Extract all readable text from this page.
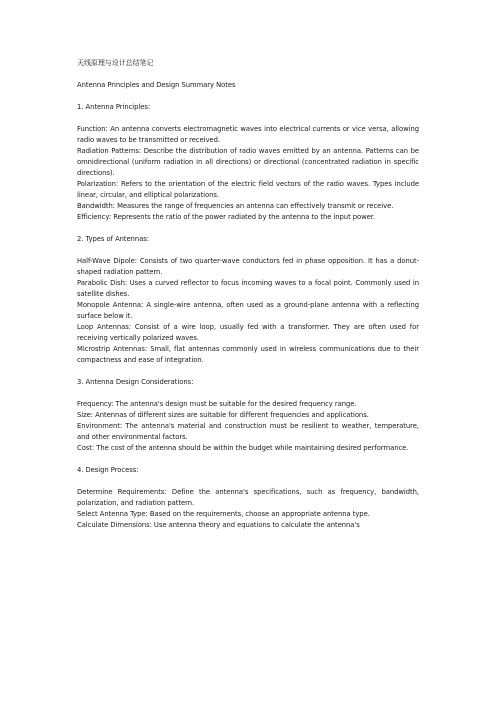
天线原理与设计总结笔记
Antenna Principles and Design Summary Notes
1. Antenna Principles:

Function: An antenna converts electromagnetic waves into electrical currents or vice versa, allowing radio waves to be transmitted or received.

Radiation Patterns: Describe the distribution of radio waves emitted by an antenna. Patterns can be omnidirectional (uniform radiation in all directions) or directional (concentrated radiation in specific directions).

Polarization: Refers to the orientation of the electric field vectors of the radio waves. Types include linear, circular, and elliptical polarizations.

Bandwidth: Measures the range of frequencies an antenna can effectively transmit or receive.

Efficiency: Represents the ratio of the power radiated by the antenna to the input power.

2. Types of Antennas:

Half-Wave Dipole: Consists of two quarter-wave conductors fed in phase opposition. It has a donut-shaped radiation pattern.

Parabolic Dish: Uses a curved reflector to focus incoming waves to a focal point. Commonly used in satellite dishes.

Monopole Antenna: A single-wire antenna, often used as a ground-plane antenna with a reflecting surface below it.

Loop Antennas: Consist of a wire loop, usually fed with a transformer. They are often used for receiving vertically polarized waves.

Microstrip Antennas: Small, flat antennas commonly used in wireless communications due to their compactness and ease of integration.

3. Antenna Design Considerations:

Frequency: The antenna's design must be suitable for the desired frequency range.

Size: Antennas of different sizes are suitable for different frequencies and applications.

Environment: The antenna's material and construction must be resilient to weather, temperature, and other environmental factors.

Cost: The cost of the antenna should be within the budget while maintaining desired performance.

4. Design Process:

Determine Requirements: Define the antenna's specifications, such as frequency, bandwidth, polarization, and radiation pattern.

Select Antenna Type: Based on the requirements, choose an appropriate antenna type.

Calculate Dimensions: Use antenna theory and equations to calculate the antenna's
